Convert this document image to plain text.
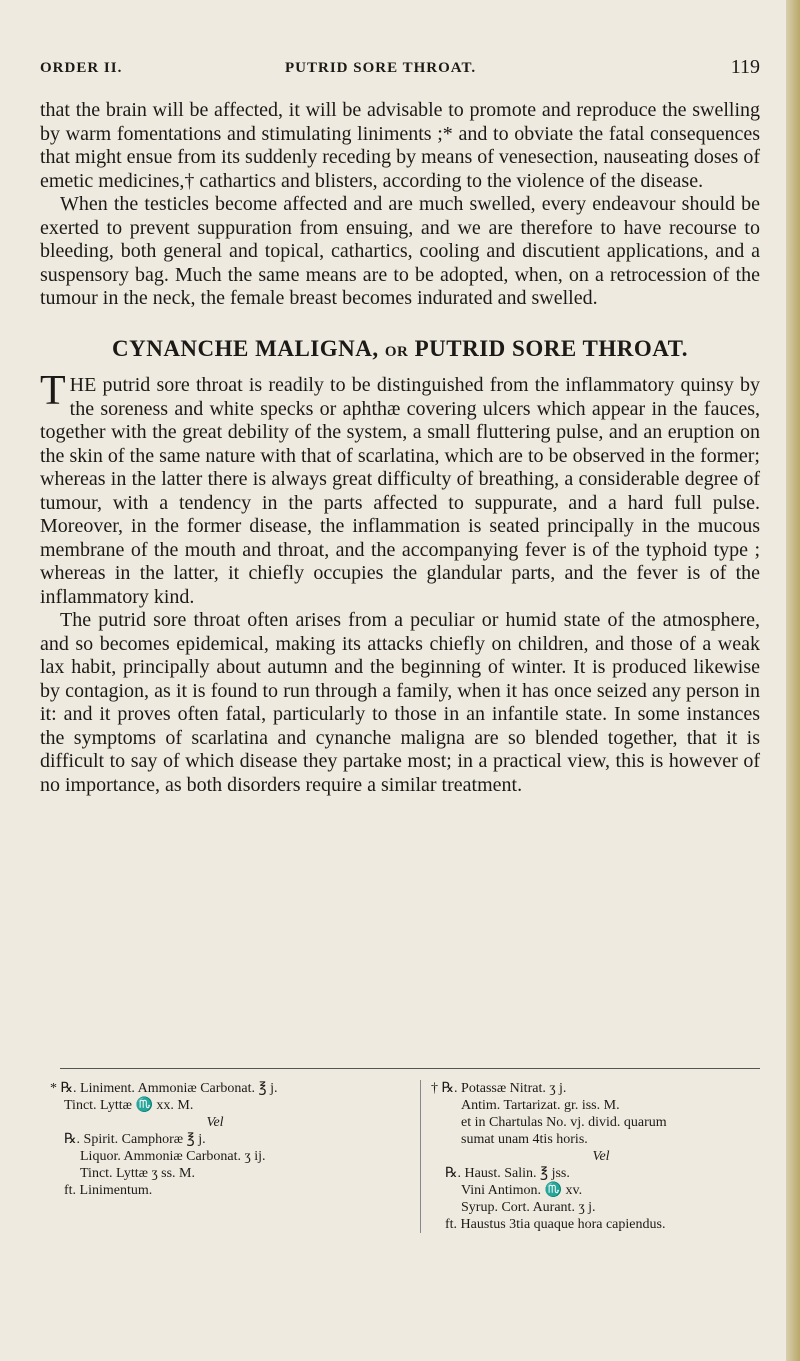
ORDER II.	PUTRID SORE THROAT.	119

that the brain will be affected, it will be advisable to promote and reproduce the swelling by warm fomentations and stimulating liniments ;* and to obviate the fatal consequences that might ensue from its suddenly receding by means of venesection, nauseating doses of emetic medicines,† cathartics and blisters, according to the violence of the disease.

When the testicles become affected and are much swelled, every endeavour should be exerted to prevent suppuration from ensuing, and we are therefore to have recourse to bleeding, both general and topical, cathartics, cooling and discutient applications, and a suspensory bag. Much the same means are to be adopted, when, on a retrocession of the tumour in the neck, the female breast becomes indurated and swelled.

CYNANCHE MALIGNA, OR PUTRID SORE THROAT.

THE putrid sore throat is readily to be distinguished from the inflammatory quinsy by the soreness and white specks or aphthæ covering ulcers which appear in the fauces, together with the great debility of the system, a small fluttering pulse, and an eruption on the skin of the same nature with that of scarlatina, which are to be observed in the former; whereas in the latter there is always great difficulty of breathing, a considerable degree of tumour, with a tendency in the parts affected to suppurate, and a hard full pulse. Moreover, in the former disease, the inflammation is seated principally in the mucous membrane of the mouth and throat, and the accompanying fever is of the typhoid type ; whereas in the latter, it chiefly occupies the glandular parts, and the fever is of the inflammatory kind.

The putrid sore throat often arises from a peculiar or humid state of the atmosphere, and so becomes epidemical, making its attacks chiefly on children, and those of a weak lax habit, principally about autumn and the beginning of winter. It is produced likewise by contagion, as it is found to run through a family, when it has once seized any person in it: and it proves often fatal, particularly to those in an infantile state. In some instances the symptoms of scarlatina and cynanche maligna are so blended together, that it is difficult to say of which disease they partake most; in a practical view, this is however of no importance, as both disorders require a similar treatment.

* ℞. Liniment. Ammoniæ Carbonat. ℥ j.
Tinct. Lyttæ ♏ xx. M.
Vel
℞. Spirit. Camphoræ ℥ j.
Liquor. Ammoniæ Carbonat. ʒ ij.
Tinct. Lyttæ ʒ ss. M.
ft. Linimentum.
† ℞. Potassæ Nitrat. ʒ j.
Antim. Tartarizat. gr. iss. M.
et in Chartulas No. vj. divid. quarum
sumat unam 4tis horis.
Vel
℞. Haust. Salin. ℥ jss.
Vini Antimon. ♏ xv.
Syrup. Cort. Aurant. ʒ j.
ft. Haustus 3tia quaque hora capiendus.
